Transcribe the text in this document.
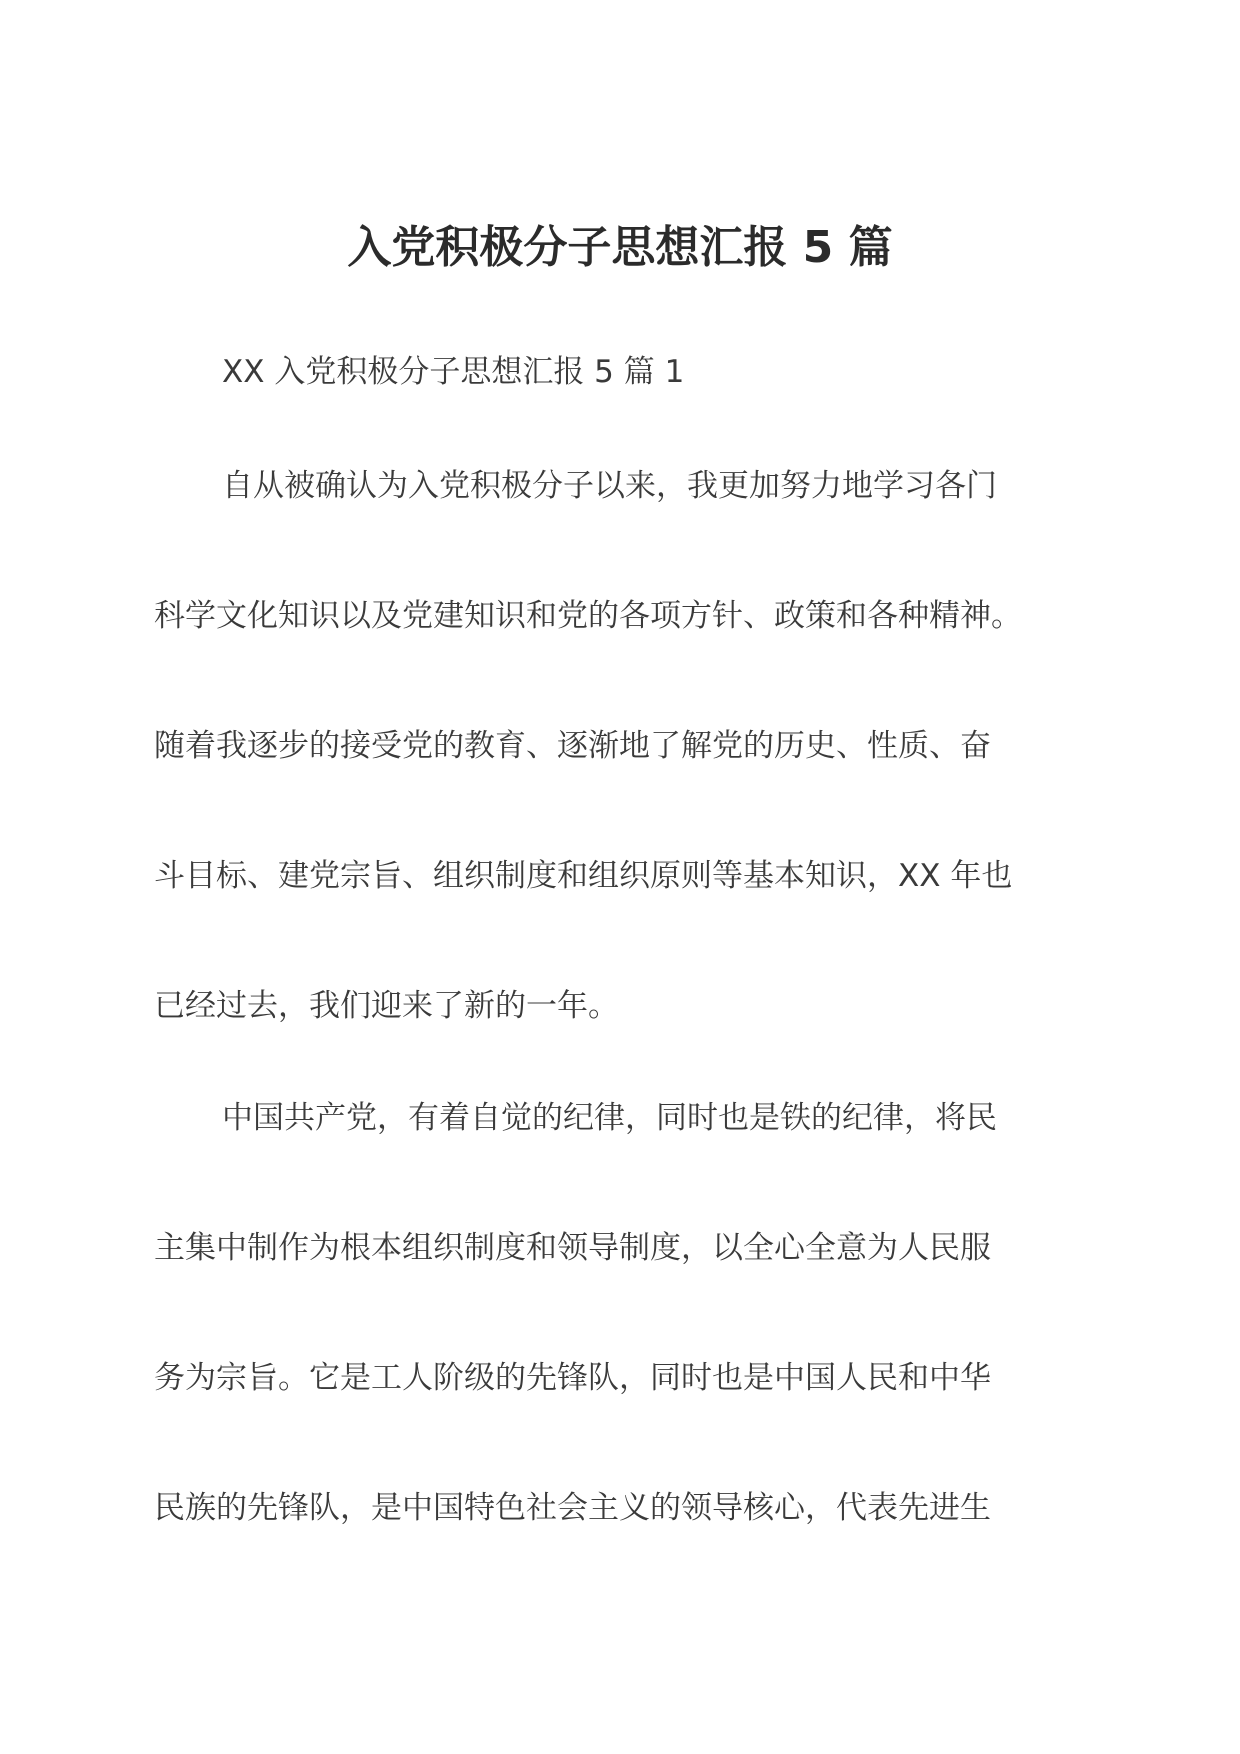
入党积极分子思想汇报 5 篇
XX 入党积极分子思想汇报 5 篇 1
自从被确认为入党积极分子以来，我更加努力地学习各门
科学文化知识以及党建知识和党的各项方针、政策和各种精神。
随着我逐步的接受党的教育、逐渐地了解党的历史、性质、奋
斗目标、建党宗旨、组织制度和组织原则等基本知识，XX 年也
已经过去，我们迎来了新的一年。
中国共产党，有着自觉的纪律，同时也是铁的纪律，将民
主集中制作为根本组织制度和领导制度，以全心全意为人民服
务为宗旨。它是工人阶级的先锋队，同时也是中国人民和中华
民族的先锋队，是中国特色社会主义的领导核心，代表先进生
